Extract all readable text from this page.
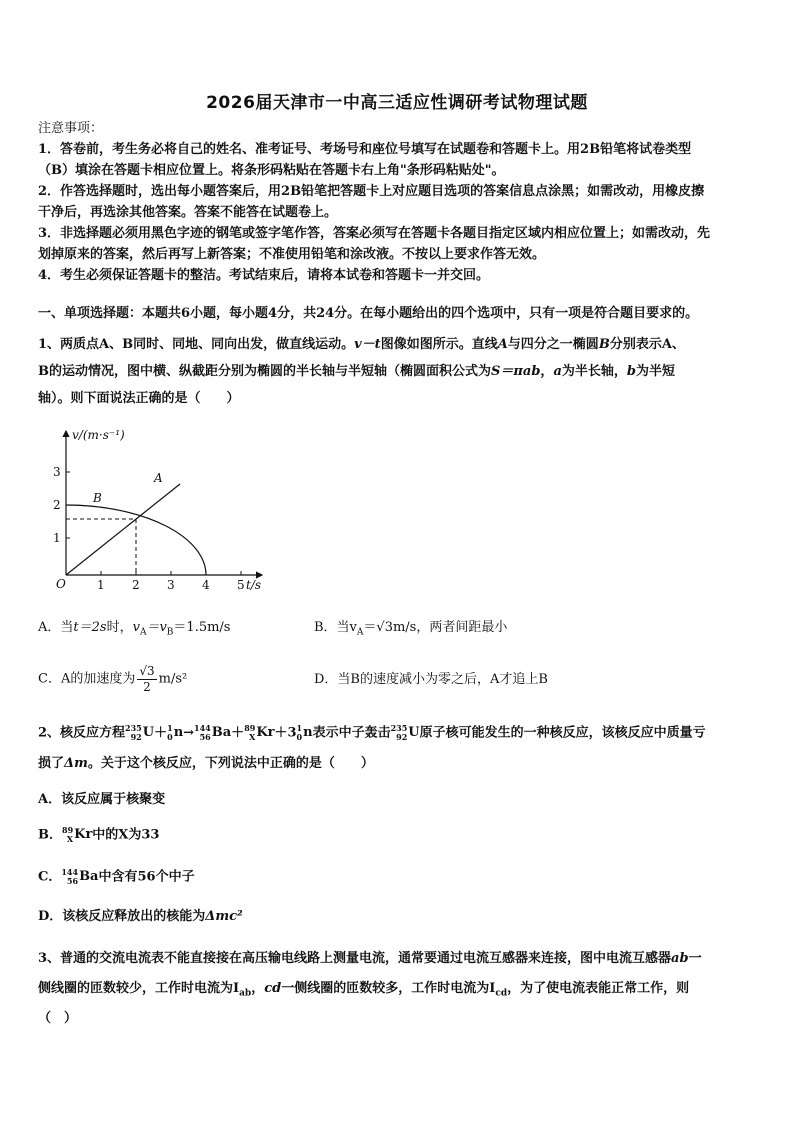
2026届天津市一中高三适应性调研考试物理试题
注意事项：
1．答卷前，考生务必将自己的姓名、准考证号、考场号和座位号填写在试题卷和答题卡上。用2B铅笔将试卷类型
（B）填涂在答题卡相应位置上。将条形码粘贴在答题卡右上角"条形码粘贴处"。
2．作答选择题时，选出每小题答案后，用2B铅笔把答题卡上对应题目选项的答案信息点涂黑；如需改动，用橡皮擦
干净后，再选涂其他答案。答案不能答在试题卷上。
3．非选择题必须用黑色字迹的钢笔或签字笔作答，答案必须写在答题卡各题目指定区域内相应位置上；如需改动，先
划掉原来的答案，然后再写上新答案；不准使用铅笔和涂改液。不按以上要求作答无效。
4．考生必须保证答题卡的整洁。考试结束后，请将本试卷和答题卡一并交回。
一、单项选择题：本题共6小题，每小题4分，共24分。在每小题给出的四个选项中，只有一项是符合题目要求的。
1、两质点A、B同时、同地、同向出发，做直线运动。v－t图像如图所示。直线A与四分之一椭圆B分别表示A、
B的运动情况，图中横、纵截距分别为椭圆的半长轴与半短轴（椭圆面积公式为S＝πab，a为半长轴，b为半短
轴）。则下面说法正确的是（　　）
v/(m·s⁻¹)
t/s
O	1 2 3 4 5
1
2
3	A
B
A．当t＝2s时，$v_A=v_B=1.5m/s$	B．当$v_A=√3m/s$，两者间距最小
C．A的加速度为 $\frac{√3}{2} m/s^2$	D．当B的速度减小为零之后，A才追上B
2、核反应方程 235
92 U＋ 1
0 n→ 144
56 Ba＋ 89
X Kr＋3 1
0 n表示中子轰击 235
92 U原子核可能发生的一种核反应，该核反应中质量亏
损了Δm。关于这个核反应，下列说法中正确的是（　　）
A．该反应属于核聚变
B． 89
X Kr中的X为33
C． 144
56 Ba中含有56个中子
D．该核反应释放出的核能为Δmc²
3、普通的交流电流表不能直接接在高压输电线路上测量电流，通常要通过电流互感器来连接，图中电流互感器ab一
侧线圈的匝数较少，工作时电流为$I_{ab}$，cd一侧线圈的匝数较多，工作时电流为$I_{cd}$，为了使电流表能正常工作，则
（　）
